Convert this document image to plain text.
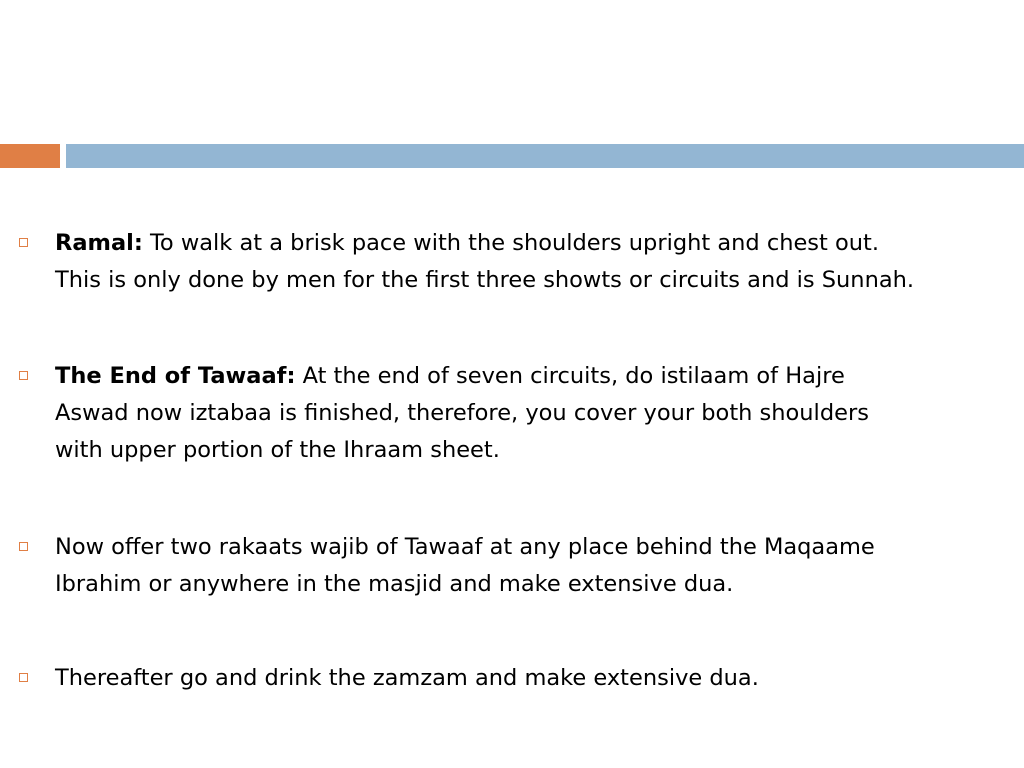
Ramal: To walk at a brisk pace with the shoulders upright and chest out.
This is only done by men for the first three showts or circuits and is Sunnah.
The End of Tawaaf: At the end of seven circuits, do istilaam of Hajre
Aswad now iztabaa is finished, therefore, you cover your both shoulders
with upper portion of the Ihraam sheet.
Now offer two rakaats wajib of Tawaaf at any place behind the Maqaame
Ibrahim or anywhere in the masjid and make extensive dua.
Thereafter go and drink the zamzam and make extensive dua.
